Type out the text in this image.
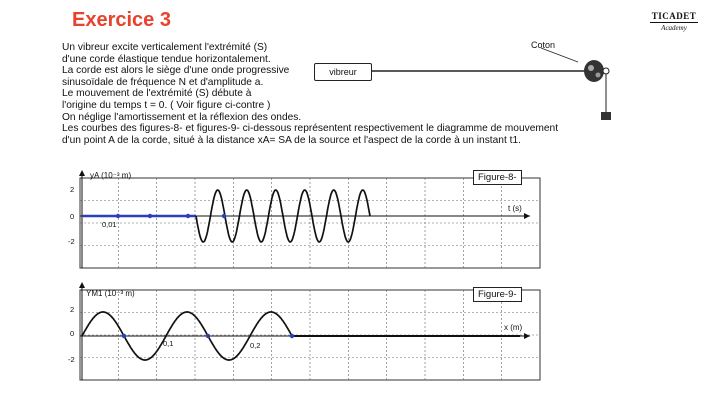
Exercice 3	TICADET
Academy

Un vibreur excite verticalement l'extrémité (S)

d'une corde élastique tendue horizontalement.

La corde est alors le siège d'une onde progressive

sinusoïdale de fréquence N et d'amplitude a.

Le mouvement de l'extrémité (S) débute à

l'origine du temps t = 0. ( Voir figure ci-contre )

On néglige l'amortissement et la réflexion des ondes.

Les courbes des figures-8- et figures-9- ci-dessous représentent respectivement le diagramme de mouvement

d'un point A de la corde, situé à la distance xA= SA de la source et l'aspect de la corde à un instant t1.

vibreur
Coton
Figure-8-
yA (10⁻³ m)
t (s)
2
0
-2
0,01
Figure-9-
YM1 (10⁻³ m)
x (m)
2
0
-2
0,1	0,2
